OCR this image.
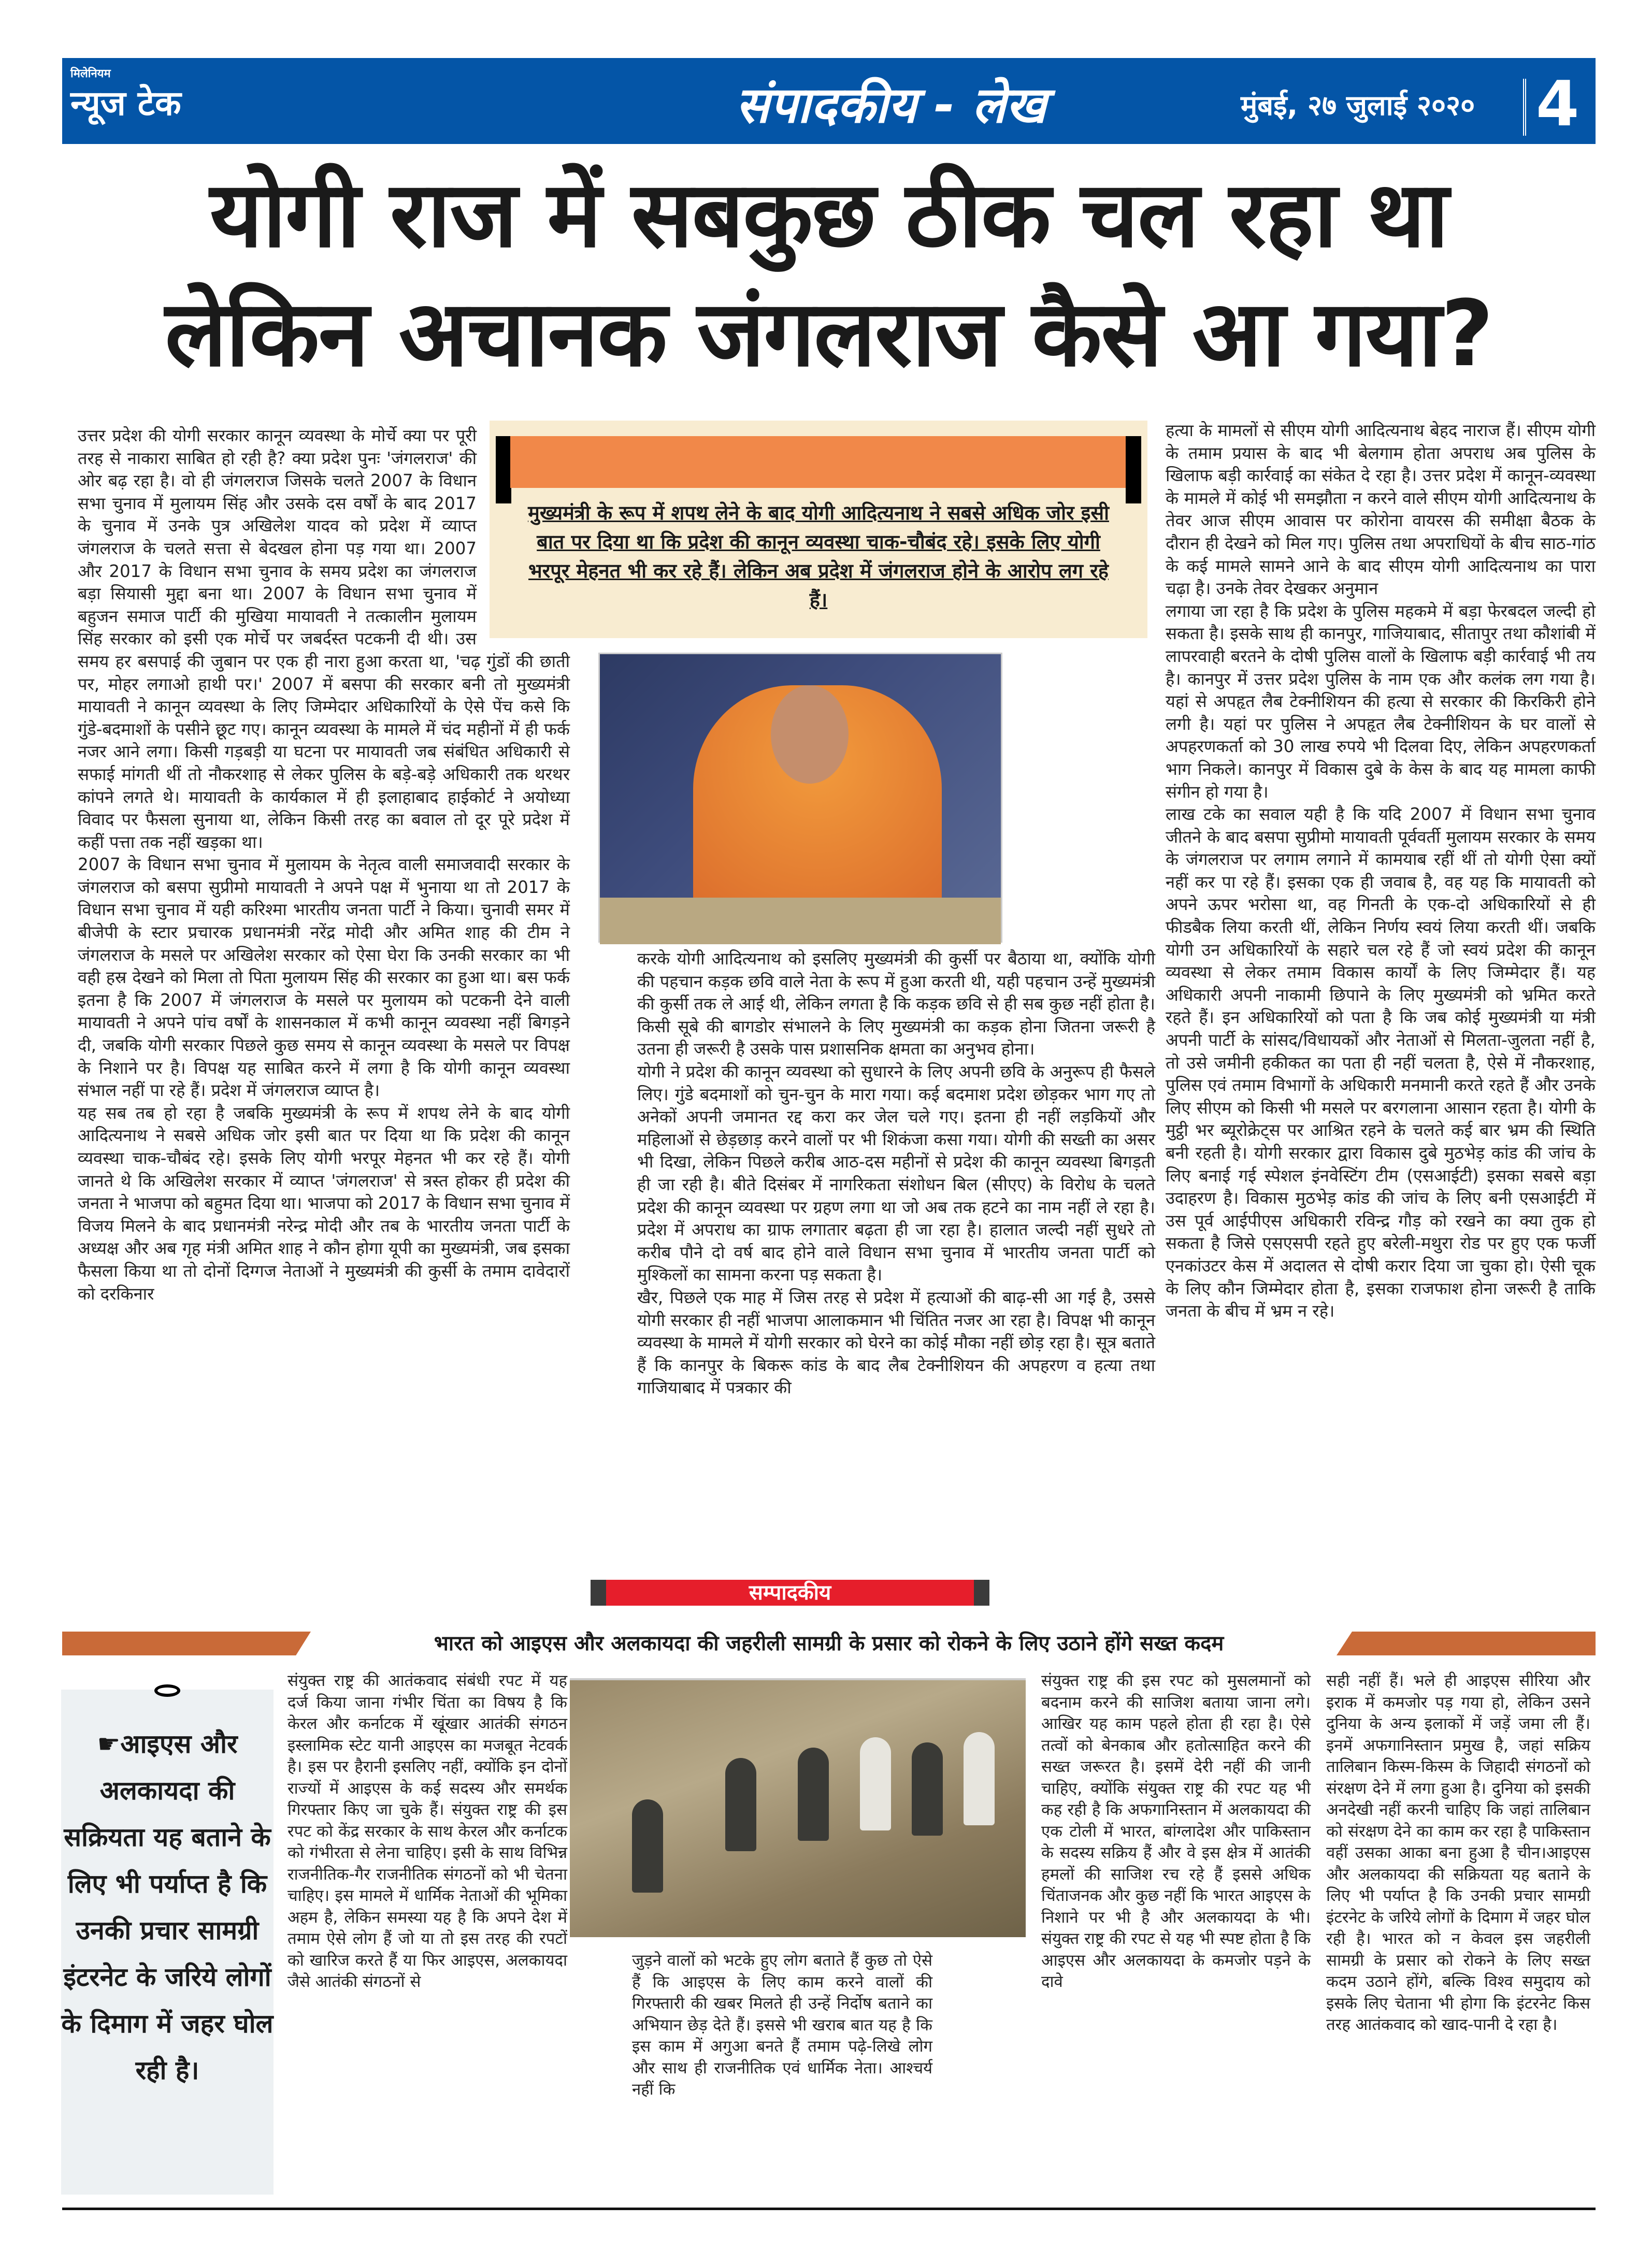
मिलेनियम
न्यूज टेक	संपादकीय - लेख	मुंबई, २७ जुलाई २०२० 4
योगी राज में सबकुछ ठीक चल रहा था
लेकिन अचानक जंगलराज कैसे आ गया?

उत्तर प्रदेश की योगी सरकार कानून व्यवस्था के मोर्चे क्या पर पूरी तरह से नाकारा साबित हो रही है? क्या प्रदेश पुनः 'जंगलराज' की ओर बढ़ रहा है। वो ही जंगलराज जिसके चलते 2007 के विधान सभा चुनाव में मुलायम सिंह और उसके दस वर्षों के बाद 2017 के चुनाव में उनके पुत्र अखिलेश यादव को प्रदेश में व्याप्त जंगलराज के चलते सत्ता से बेदखल होना पड़ गया था। 2007 और 2017 के विधान सभा चुनाव के समय प्रदेश का जंगलराज बड़ा सियासी मुद्दा बना था। 2007 के विधान सभा चुनाव में बहुजन समाज पार्टी की मुखिया मायावती ने तत्कालीन मुलायम सिंह सरकार को इसी एक मोर्चे पर जबर्दस्त पटकनी दी थी। उस समय हर बसपाई की जुबान पर एक ही नारा हुआ करता था, 'चढ़ गुंडों की छाती पर, मोहर लगाओ हाथी पर।' 2007 में बसपा की सरकार बनी तो मुख्यमंत्री मायावती ने कानून व्यवस्था के लिए जिम्मेदार अधिकारियों के ऐसे पेंच कसे कि गुंडे-बदमाशों के पसीने छूट गए। कानून व्यवस्था के मामले में चंद महीनों में ही फर्क नजर आने लगा। किसी गड़बड़ी या घटना पर मायावती जब संबंधित अधिकारी से सफाई मांगती थीं तो नौकरशाह से लेकर पुलिस के बड़े-बड़े अधिकारी तक थरथर कांपने लगते थे। मायावती के कार्यकाल में ही इलाहाबाद हाईकोर्ट ने अयोध्या विवाद पर फैसला सुनाया था, लेकिन किसी तरह का बवाल तो दूर पूरे प्रदेश में कहीं पत्ता तक नहीं खड़का था।

2007 के विधान सभा चुनाव में मुलायम के नेतृत्व वाली समाजवादी सरकार के जंगलराज को बसपा सुप्रीमो मायावती ने अपने पक्ष में भुनाया था तो 2017 के विधान सभा चुनाव में यही करिश्मा भारतीय जनता पार्टी ने किया। चुनावी समर में बीजेपी के स्टार प्रचारक प्रधानमंत्री नरेंद्र मोदी और अमित शाह की टीम ने जंगलराज के मसले पर अखिलेश सरकार को ऐसा घेरा कि उनकी सरकार का भी वही हस्र देखने को मिला तो पिता मुलायम सिंह की सरकार का हुआ था। बस फर्क इतना है कि 2007 में जंगलराज के मसले पर मुलायम को पटकनी देने वाली मायावती ने अपने पांच वर्षों के शासनकाल में कभी कानून व्यवस्था नहीं बिगड़ने दी, जबकि योगी सरकार पिछले कुछ समय से कानून व्यवस्था के मसले पर विपक्ष के निशाने पर है। विपक्ष यह साबित करने में लगा है कि योगी कानून व्यवस्था संभाल नहीं पा रहे हैं। प्रदेश में जंगलराज व्याप्त है।

यह सब तब हो रहा है जबकि मुख्यमंत्री के रूप में शपथ लेने के बाद योगी आदित्यनाथ ने सबसे अधिक जोर इसी बात पर दिया था कि प्रदेश की कानून व्यवस्था चाक-चौबंद रहे। इसके लिए योगी भरपूर मेहनत भी कर रहे हैं। योगी जानते थे कि अखिलेश सरकार में व्याप्त 'जंगलराज' से त्रस्त होकर ही प्रदेश की जनता ने भाजपा को बहुमत दिया था। भाजपा को 2017 के विधान सभा चुनाव में विजय मिलने के बाद प्रधानमंत्री नरेन्द्र मोदी और तब के भारतीय जनता पार्टी के अध्यक्ष और अब गृह मंत्री अमित शाह ने कौन होगा यूपी का मुख्यमंत्री, जब इसका फैसला किया था तो दोनों दिग्गज नेताओं ने मुख्यमंत्री की कुर्सी के तमाम दावेदारों को दरकिनार

मुख्यमंत्री के रूप में शपथ लेने के बाद योगी आदित्यनाथ ने सबसे अधिक जोर इसी बात पर दिया था कि प्रदेश की कानून व्यवस्था चाक-चौबंद रहे। इसके लिए योगी भरपूर मेहनत भी कर रहे हैं। लेकिन अब प्रदेश में जंगलराज होने के आरोप लग रहे हैं।

करके योगी आदित्यनाथ को इसलिए मुख्यमंत्री की कुर्सी पर बैठाया था, क्योंकि योगी की पहचान कड़क छवि वाले नेता के रूप में हुआ करती थी, यही पहचान उन्हें मुख्यमंत्री की कुर्सी तक ले आई थी, लेकिन लगता है कि कड़क छवि से ही सब कुछ नहीं होता है। किसी सूबे की बागडोर संभालने के लिए मुख्यमंत्री का कड़क होना जितना जरूरी है उतना ही जरूरी है उसके पास प्रशासनिक क्षमता का अनुभव होना।

योगी ने प्रदेश की कानून व्यवस्था को सुधारने के लिए अपनी छवि के अनुरूप ही फैसले लिए। गुंडे बदमाशों को चुन-चुन के मारा गया। कई बदमाश प्रदेश छोड़कर भाग गए तो अनेकों अपनी जमानत रद्द करा कर जेल चले गए। इतना ही नहीं लड़कियों और महिलाओं से छेड़छाड़ करने वालों पर भी शिकंजा कसा गया। योगी की सख्ती का असर भी दिखा, लेकिन पिछले करीब आठ-दस महीनों से प्रदेश की कानून व्यवस्था बिगड़ती ही जा रही है। बीते दिसंबर में नागरिकता संशोधन बिल (सीएए) के विरोध के चलते प्रदेश की कानून व्यवस्था पर ग्रहण लगा था जो अब तक हटने का नाम नहीं ले रहा है। प्रदेश में अपराध का ग्राफ लगातार बढ़ता ही जा रहा है। हालात जल्दी नहीं सुधरे तो करीब पौने दो वर्ष बाद होने वाले विधान सभा चुनाव में भारतीय जनता पार्टी को मुश्किलों का सामना करना पड़ सकता है।

खैर, पिछले एक माह में जिस तरह से प्रदेश में हत्याओं की बाढ़-सी आ गई है, उससे योगी सरकार ही नहीं भाजपा आलाकमान भी चिंतित नजर आ रहा है। विपक्ष भी कानून व्यवस्था के मामले में योगी सरकार को घेरने का कोई मौका नहीं छोड़ रहा है। सूत्र बताते हैं कि कानपुर के बिकरू कांड के बाद लैब टेक्नीशियन की अपहरण व हत्या तथा गाजियाबाद में पत्रकार की

हत्या के मामलों से सीएम योगी आदित्यनाथ बेहद नाराज हैं। सीएम योगी के तमाम प्रयास के बाद भी बेलगाम होता अपराध अब पुलिस के खिलाफ बड़ी कार्रवाई का संकेत दे रहा है। उत्तर प्रदेश में कानून-व्यवस्था के मामले में कोई भी समझौता न करने वाले सीएम योगी आदित्यनाथ के तेवर आज सीएम आवास पर कोरोना वायरस की समीक्षा बैठक के दौरान ही देखने को मिल गए। पुलिस तथा अपराधियों के बीच साठ-गांठ के कई मामले सामने आने के बाद सीएम योगी आदित्यनाथ का पारा चढ़ा है। उनके तेवर देखकर अनुमान

लगाया जा रहा है कि प्रदेश के पुलिस महकमे में बड़ा फेरबदल जल्दी हो सकता है। इसके साथ ही कानपुर, गाजियाबाद, सीतापुर तथा कौशांबी में लापरवाही बरतने के दोषी पुलिस वालों के खिलाफ बड़ी कार्रवाई भी तय है। कानपुर में उत्तर प्रदेश पुलिस के नाम एक और कलंक लग गया है। यहां से अपहृत लैब टेक्नीशियन की हत्या से सरकार की किरकिरी होने लगी है। यहां पर पुलिस ने अपहृत लैब टेक्नीशियन के घर वालों से अपहरणकर्ता को 30 लाख रुपये भी दिलवा दिए, लेकिन अपहरणकर्ता भाग निकले। कानपुर में विकास दुबे के केस के बाद यह मामला काफी संगीन हो गया है।

लाख टके का सवाल यही है कि यदि 2007 में विधान सभा चुनाव जीतने के बाद बसपा सुप्रीमो मायावती पूर्ववर्ती मुलायम सरकार के समय के जंगलराज पर लगाम लगाने में कामयाब रहीं थीं तो योगी ऐसा क्यों नहीं कर पा रहे हैं। इसका एक ही जवाब है, वह यह कि मायावती को अपने ऊपर भरोसा था, वह गिनती के एक-दो अधिकारियों से ही फीडबैक लिया करती थीं, लेकिन निर्णय स्वयं लिया करती थीं। जबकि योगी उन अधिकारियों के सहारे चल रहे हैं जो स्वयं प्रदेश की कानून व्यवस्था से लेकर तमाम विकास कार्यों के लिए जिम्मेदार हैं। यह अधिकारी अपनी नाकामी छिपाने के लिए मुख्यमंत्री को भ्रमित करते रहते हैं। इन अधिकारियों को पता है कि जब कोई मुख्यमंत्री या मंत्री अपनी पार्टी के सांसद/विधायकों और नेताओं से मिलता-जुलता नहीं है, तो उसे जमीनी हकीकत का पता ही नहीं चलता है, ऐसे में नौकरशाह, पुलिस एवं तमाम विभागों के अधिकारी मनमानी करते रहते हैं और उनके लिए सीएम को किसी भी मसले पर बरगलाना आसान रहता है। योगी के मुट्ठी भर ब्यूरोक्रेट्स पर आश्रित रहने के चलते कई बार भ्रम की स्थिति बनी रहती है। योगी सरकार द्वारा विकास दुबे मुठभेड़ कांड की जांच के लिए बनाई गई स्पेशल इंनवेस्टिंग टीम (एसआईटी) इसका सबसे बड़ा उदाहरण है। विकास मुठभेड़ कांड की जांच के लिए बनी एसआईटी में उस पूर्व आईपीएस अधिकारी रविन्द्र गौड़ को रखने का क्या तुक हो सकता है जिसे एसएसपी रहते हुए बरेली-मथुरा रोड पर हुए एक फर्जी एनकांउटर केस में अदालत से दोषी करार दिया जा चुका हो। ऐसी चूक के लिए कौन जिम्मेदार होता है, इसका राजफाश होना जरूरी है ताकि जनता के बीच में भ्रम न रहे।

सम्पादकीय
भारत को आइएस और अलकायदा की जहरीली सामग्री के प्रसार को रोकने के लिए उठाने होंगे सख्त कदम
☛आइएस और अलकायदा की सक्रियता यह बताने के लिए भी पर्याप्त है कि उनकी प्रचार सामग्री इंटरनेट के जरिये लोगों के दिमाग में जहर घोल रही है।

संयुक्त राष्ट्र की आतंकवाद संबंधी रपट में यह दर्ज किया जाना गंभीर चिंता का विषय है कि केरल और कर्नाटक में खूंखार आतंकी संगठन इस्लामिक स्टेट यानी आइएस का मजबूत नेटवर्क है। इस पर हैरानी इसलिए नहीं, क्योंकि इन दोनों राज्यों में आइएस के कई सदस्य और समर्थक गिरफ्तार किए जा चुके हैं। संयुक्त राष्ट्र की इस रपट को केंद्र सरकार के साथ केरल और कर्नाटक को गंभीरता से लेना चाहिए। इसी के साथ विभिन्न राजनीतिक-गैर राजनीतिक संगठनों को भी चेतना चाहिए। इस मामले में धार्मिक नेताओं की भूमिका अहम है, लेकिन समस्या यह है कि अपने देश में तमाम ऐसे लोग हैं जो या तो इस तरह की रपटों को खारिज करते हैं या फिर आइएस, अलकायदा जैसे आतंकी संगठनों से

जुड़ने वालों को भटके हुए लोग बताते हैं कुछ तो ऐसे हैं कि आइएस के लिए काम करने वालों की गिरफ्तारी की खबर मिलते ही उन्हें निर्दोष बताने का अभियान छेड़ देते हैं। इससे भी खराब बात यह है कि इस काम में अगुआ बनते हैं तमाम पढ़े-लिखे लोग और साथ ही राजनीतिक एवं धार्मिक नेता। आश्चर्य नहीं कि

संयुक्त राष्ट्र की इस रपट को मुसलमानों को बदनाम करने की साजिश बताया जाना लगे। आखिर यह काम पहले होता ही रहा है। ऐसे तत्वों को बेनकाब और हतोत्साहित करने की सख्त जरूरत है। इसमें देरी नहीं की जानी चाहिए, क्योंकि संयुक्त राष्ट्र की रपट यह भी कह रही है कि अफगानिस्तान में अलकायदा की एक टोली में भारत, बांग्लादेश और पाकिस्तान के सदस्य सक्रिय हैं और वे इस क्षेत्र में आतंकी हमलों की साजिश रच रहे हैं इससे अधिक चिंताजनक और कुछ नहीं कि भारत आइएस के निशाने पर भी है और अलकायदा के भी। संयुक्त राष्ट्र की रपट से यह भी स्पष्ट होता है कि आइएस और अलकायदा के कमजोर पड़ने के दावे

सही नहीं हैं। भले ही आइएस सीरिया और इराक में कमजोर पड़ गया हो, लेकिन उसने दुनिया के अन्य इलाकों में जड़ें जमा ली हैं। इनमें अफगानिस्तान प्रमुख है, जहां सक्रिय तालिबान किस्म-किस्म के जिहादी संगठनों को संरक्षण देने में लगा हुआ है। दुनिया को इसकी अनदेखी नहीं करनी चाहिए कि जहां तालिबान को संरक्षण देने का काम कर रहा है पाकिस्तान वहीं उसका आका बना हुआ है चीन।आइएस और अलकायदा की सक्रियता यह बताने के लिए भी पर्याप्त है कि उनकी प्रचार सामग्री इंटरनेट के जरिये लोगों के दिमाग में जहर घोल रही है। भारत को न केवल इस जहरीली सामग्री के प्रसार को रोकने के लिए सख्त कदम उठाने होंगे, बल्कि विश्व समुदाय को इसके लिए चेताना भी होगा कि इंटरनेट किस तरह आतंकवाद को खाद-पानी दे रहा है।
